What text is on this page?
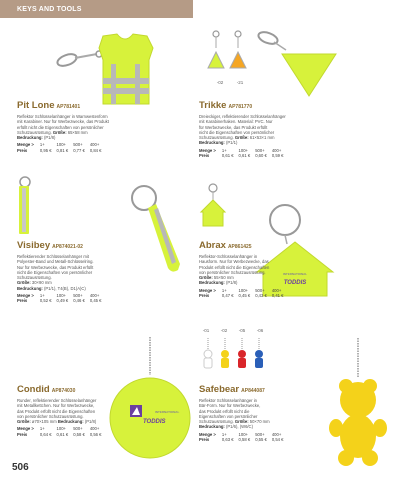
KEYS AND TOOLS
-02	-21
INTERNATIONAL
TODDIS
INTERNATIONAL
TODDIS
-01	-02	-05	-06
Pit Lone AP781401
Reflektor Schlüsselanhänger in Warnwestenform
mit Karabiner. Nur für Werbezwecke, das Produkt
erfüllt nicht die Eigenschaften von persönlicher
Schutzausrüstung. Größe: 65×58 mm
Bedruckung: (P1/8)
Menge >	1+	100+	500+	400+
Preis	0,95 €	0,81 €	0,77 €	0,84 €
Trikke AP781770
Dreieckiger, reflektierender Schlüsselanhänger
mit Karabinerhaken. Material: PVC. Nur
für Werbezwecke, das Produkt erfüllt
nicht die Eigenschaften von persönlicher
Schutzausrüstung. Größe: 61×53×1 mm
Bedruckung: (P1/1)
Menge >	1+	100+	500+	400+
Preis	0,61 €	0,61 €	0,60 €	0,59 €
Visibey AP874021-02
Reflektierender Schlüsselanhänger mit
Polyester-Band und Metall-Schlüsselring.
Nur für Werbezwecke, das Produkt erfüllt
nicht die Eigenschaften von persönlicher
Schutzausrüstung.
Größe: 30×90 mm
Bedruckung: (P1/1), T4(B), D1(A)C)
Menge >	1+	100+	500+	400+
Preis	0,52 €	0,49 €	0,46 €	0,45 €
Abrax AP861425
Reflektor-Schlüsselanhänger in
Hausform. Nur für Werbezwecke, das
Produkt erfüllt nicht die Eigenschaften
von persönlicher Schutzausrüstung.
Größe: 55×50 mm
Bedruckung: (P1/8)
Menge >	1+	100+	500+	400+
Preis	0,47 €	0,45 €	0,43 €	0,41 €
Condid AP874030
Runder, reflektierender Schlüsselanhänger
mit Metallkettchen. Nur für Werbezwecke,
das Produkt erfüllt nicht die Eigenschaften
von persönlicher Schutzausrüstung.
Größe: ø70×105 mm Bedruckung: (P1/8)
Menge >	1+	100+	500+	400+
Preis	0,64 €	0,61 €	0,58 €	0,56 €
Safebear AP844087
Reflektor Schlüsselanhänger in
Bär-Form. Nur für Werbezwecke,
das Produkt erfüllt nicht die
Eigenschaften von persönlicher
Schutzausrüstung. Größe: 50×70 mm
Bedruckung: (P1/6), (W6/C)
Menge >	1+	100+	500+	400+
Preis	0,63 €	0,58 €	0,55 €	0,54 €
506
